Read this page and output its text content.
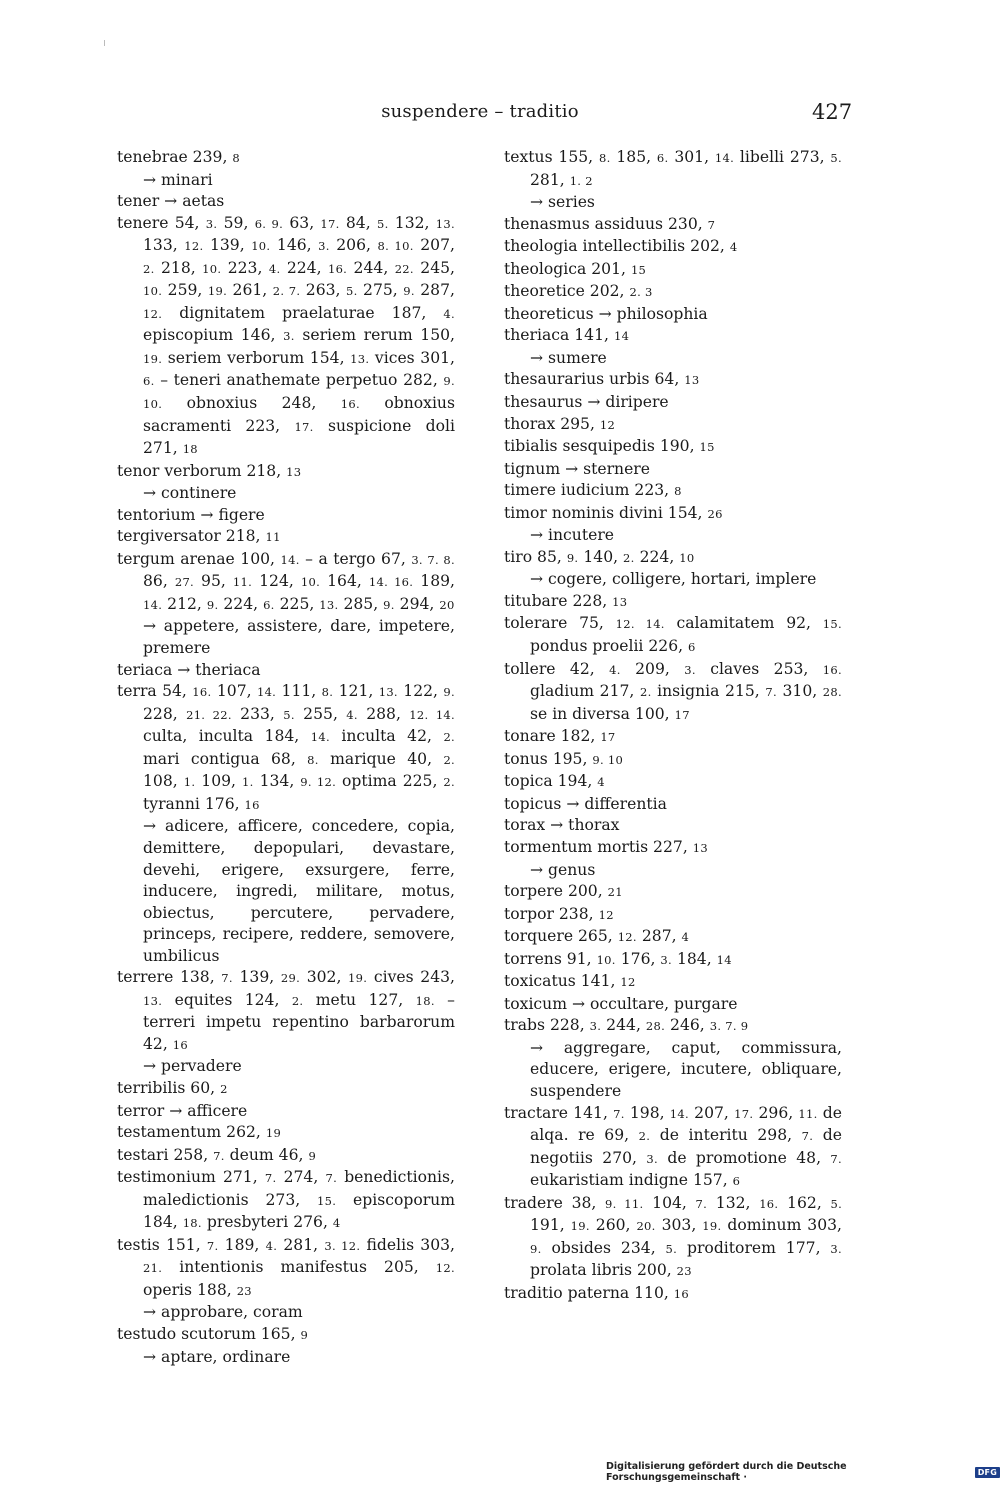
suspendere – traditio	427

tenebrae 239, 8

→ minari

tener → aetas

tenere 54, 3. 59, 6. 9. 63, 17. 84, 5. 132, 13. 133, 12. 139, 10. 146, 3. 206, 8. 10. 207, 2. 218, 10. 223, 4. 224, 16. 244, 22. 245, 10. 259, 19. 261, 2. 7. 263, 5. 275, 9. 287, 12. dignitatem praelaturae 187, 4. episcopium 146, 3. seriem rerum 150, 19. seriem verborum 154, 13. vices 301, 6. – teneri anathemate perpetuo 282, 9. 10. obnoxius 248, 16. obnoxius sacramenti 223, 17. suspicione doli 271, 18

tenor verborum 218, 13

→ continere

tentorium → figere

tergiversator 218, 11

tergum arenae 100, 14. – a tergo 67, 3. 7. 8. 86, 27. 95, 11. 124, 10. 164, 14. 16. 189, 14. 212, 9. 224, 6. 225, 13. 285, 9. 294, 20

→ appetere, assistere, dare, impetere, premere

teriaca → theriaca

terra 54, 16. 107, 14. 111, 8. 121, 13. 122, 9. 228, 21. 22. 233, 5. 255, 4. 288, 12. 14. culta, inculta 184, 14. inculta 42, 2. mari contigua 68, 8. marique 40, 2. 108, 1. 109, 1. 134, 9. 12. optima 225, 2. tyranni 176, 16

→ adicere, afficere, concedere, copia, demittere, depopulari, devastare, devehi, erigere, exsurgere, ferre, inducere, ingredi, militare, motus, obiectus, percutere, pervadere, princeps, recipere, reddere, semovere, umbilicus

terrere 138, 7. 139, 29. 302, 19. cives 243, 13. equites 124, 2. metu 127, 18. – terreri impetu repentino barbarorum 42, 16

→ pervadere

terribilis 60, 2

terror → afficere

testamentum 262, 19

testari 258, 7. deum 46, 9

testimonium 271, 7. 274, 7. benedictionis, maledictionis 273, 15. episcoporum 184, 18. presbyteri 276, 4

testis 151, 7. 189, 4. 281, 3. 12. fidelis 303, 21. intentionis manifestus 205, 12. operis 188, 23

→ approbare, coram

testudo scutorum 165, 9

→ aptare, ordinare

textus 155, 8. 185, 6. 301, 14. libelli 273, 5. 281, 1. 2

→ series

thenasmus assiduus 230, 7

theologia intellectibilis 202, 4

theologica 201, 15

theoretice 202, 2. 3

theoreticus → philosophia

theriaca 141, 14

→ sumere

thesaurarius urbis 64, 13

thesaurus → diripere

thorax 295, 12

tibialis sesquipedis 190, 15

tignum → sternere

timere iudicium 223, 8

timor nominis divini 154, 26

→ incutere

tiro 85, 9. 140, 2. 224, 10

→ cogere, colligere, hortari, implere

titubare 228, 13

tolerare 75, 12. 14. calamitatem 92, 15. pondus proelii 226, 6

tollere 42, 4. 209, 3. claves 253, 16. gladium 217, 2. insignia 215, 7. 310, 28. se in diversa 100, 17

tonare 182, 17

tonus 195, 9. 10

topica 194, 4

topicus → differentia

torax → thorax

tormentum mortis 227, 13

→ genus

torpere 200, 21

torpor 238, 12

torquere 265, 12. 287, 4

torrens 91, 10. 176, 3. 184, 14

toxicatus 141, 12

toxicum → occultare, purgare

trabs 228, 3. 244, 28. 246, 3. 7. 9

→ aggregare, caput, commissura, educere, erigere, incutere, obliquare, suspendere

tractare 141, 7. 198, 14. 207, 17. 296, 11. de alqa. re 69, 2. de interitu 298, 7. de negotiis 270, 3. de promotione 48, 7. eukaristiam indigne 157, 6

tradere 38, 9. 11. 104, 7. 132, 16. 162, 5. 191, 19. 260, 20. 303, 19. dominum 303, 9. obsides 234, 5. proditorem 177, 3. prolata libris 200, 23

traditio paterna 110, 16

Digitalisierung gefördert durch die Deutsche Forschungsgemeinschaft ·	DFG
